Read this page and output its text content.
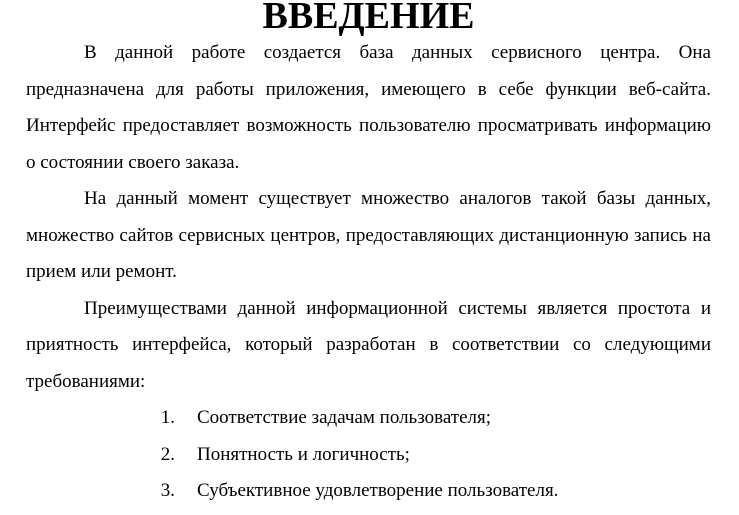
ВВЕДЕНИЕ

В данной работе создается база данных сервисного центра. Она предназначена для работы приложения, имеющего в себе функции веб-сайта. Интерфейс предоставляет возможность пользователю просматривать информацию о состоянии своего заказа.

На данный момент существует множество аналогов такой базы данных, множество сайтов сервисных центров, предоставляющих дистанционную запись на прием или ремонт.

Преимуществами данной информационной системы является простота и приятность интерфейса, который разработан в соответствии со следующими требованиями:

1.	Соответствие задачам пользователя;
2.	Понятность и логичность;
3.	Субъективное удовлетворение пользователя.
